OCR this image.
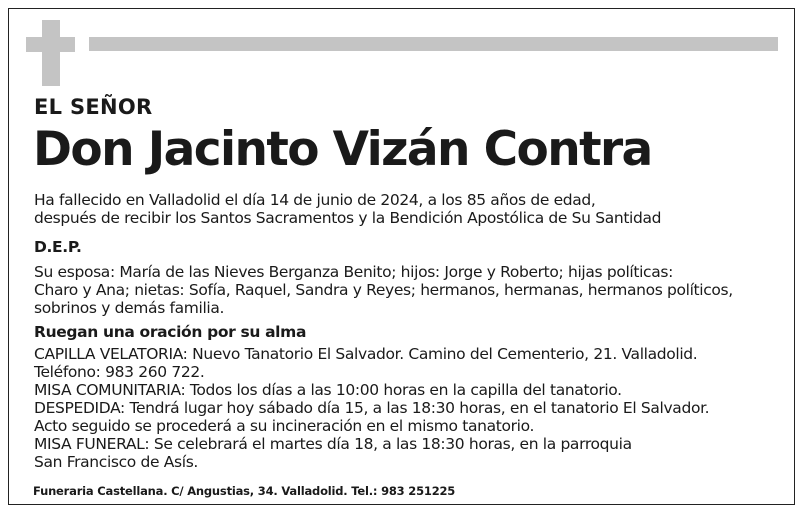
EL SEÑOR
Don Jacinto Vizán Contra
Ha fallecido en Valladolid el día 14 de junio de 2024, a los 85 años de edad,
después de recibir los Santos Sacramentos y la Bendición Apostólica de Su Santidad
D.E.P.
Su esposa: María de las Nieves Berganza Benito; hijos: Jorge y Roberto; hijas políticas:
Charo y Ana; nietas: Sofía, Raquel, Sandra y Reyes; hermanos, hermanas, hermanos políticos,
sobrinos y demás familia.
Ruegan una oración por su alma
CAPILLA VELATORIA: Nuevo Tanatorio El Salvador. Camino del Cementerio, 21. Valladolid.
Teléfono: 983 260 722.
MISA COMUNITARIA: Todos los días a las 10:00 horas en la capilla del tanatorio.
DESPEDIDA: Tendrá lugar hoy sábado día 15, a las 18:30 horas, en el tanatorio El Salvador.
Acto seguido se procederá a su incineración en el mismo tanatorio.
MISA FUNERAL: Se celebrará el martes día 18, a las 18:30 horas, en la parroquia
San Francisco de Asís.
Funeraria Castellana. C/ Angustias, 34. Valladolid. Tel.: 983 251225
